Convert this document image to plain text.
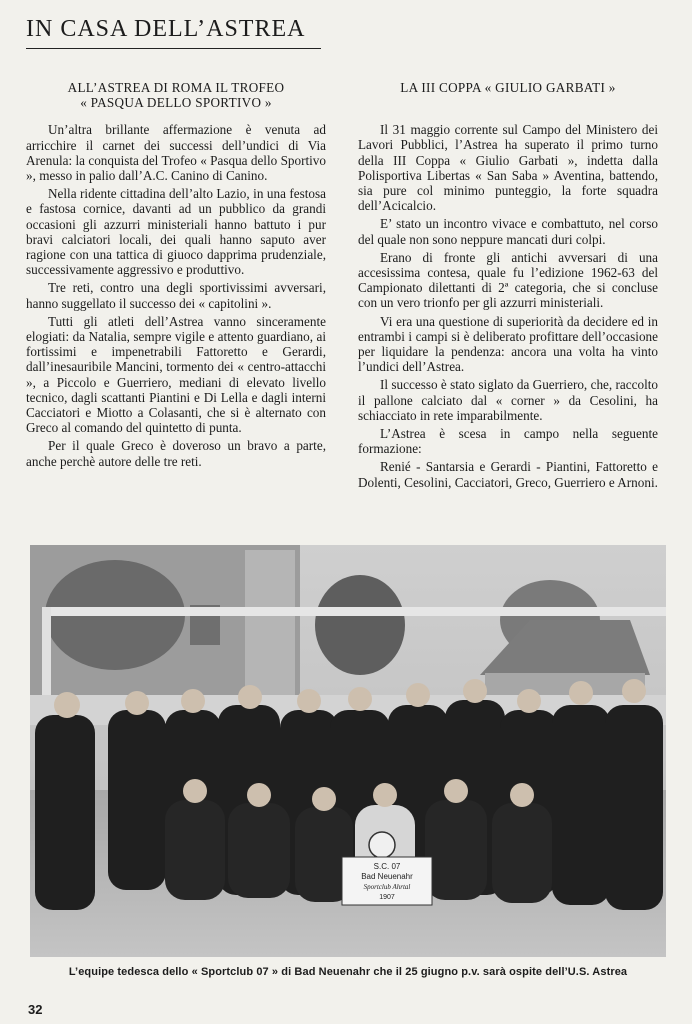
IN CASA DELL’ASTREA
ALL’ASTREA DI ROMA IL TROFEO
« PASQUA DELLO SPORTIVO »

Un’altra brillante affermazione è venuta ad arricchire il carnet dei successi dell’undici di Via Arenula: la conquista del Trofeo « Pasqua dello Sportivo », messo in palio dall’A.C. Canino di Canino.

Nella ridente cittadina dell’alto Lazio, in una festosa e fastosa cornice, davanti ad un pubblico da grandi occasioni gli azzurri ministeriali hanno battuto i pur bravi calciatori locali, dei quali hanno saputo aver ragione con una tattica di giuoco dapprima prudenziale, successivamente aggressivo e produttivo.

Tre reti, contro una degli sportivissimi avversari, hanno suggellato il successo dei « capitolini ».

Tutti gli atleti dell’Astrea vanno sinceramente elogiati: da Natalia, sempre vigile e attento guardiano, ai fortissimi e impenetrabili Fattoretto e Gerardi, dall’inesauribile Mancini, tormento dei « centro-attacchi », a Piccolo e Guerriero, mediani di elevato livello tecnico, dagli scattanti Piantini e Di Lella e dagli interni Cacciatori e Miotto a Colasanti, che si è alternato con Greco al comando del quintetto di punta.

Per il quale Greco è doveroso un bravo a parte, anche perchè autore delle tre reti.

LA III COPPA « GIULIO GARBATI »

Il 31 maggio corrente sul Campo del Ministero dei Lavori Pubblici, l’Astrea ha superato il primo turno della III Coppa « Giulio Garbati », indetta dalla Polisportiva Libertas « San Saba » Aventina, battendo, sia pure col minimo punteggio, la forte squadra dell’Acicalcio.

E’ stato un incontro vivace e combattuto, nel corso del quale non sono neppure mancati duri colpi.

Erano di fronte gli antichi avversari di una accesissima contesa, quale fu l’edizione 1962-63 del Campionato dilettanti di 2ª categoria, che si concluse con un vero trionfo per gli azzurri ministeriali.

Vi era una questione di superiorità da decidere ed in entrambi i campi si è deliberato profittare dell’occasione per liquidare la pendenza: ancora una volta ha vinto l’undici dell’Astrea.

Il successo è stato siglato da Guerriero, che, raccolto il pallone calciato dal « corner » da Cesolini, ha schiacciato in rete imparabilmente.

L’Astrea è scesa in campo nella seguente formazione:

Renié - Santarsia e Gerardi - Piantini, Fattoretto e Dolenti, Cesolini, Cacciatori, Greco, Guerriero e Arnoni.

S.C. 07
Bad Neuenahr
Sportclub Ahrtal
1907
L’equipe tedesca dello « Sportclub 07 » di Bad Neuenahr che il 25 giugno p.v. sarà ospite dell’U.S. Astrea
32
